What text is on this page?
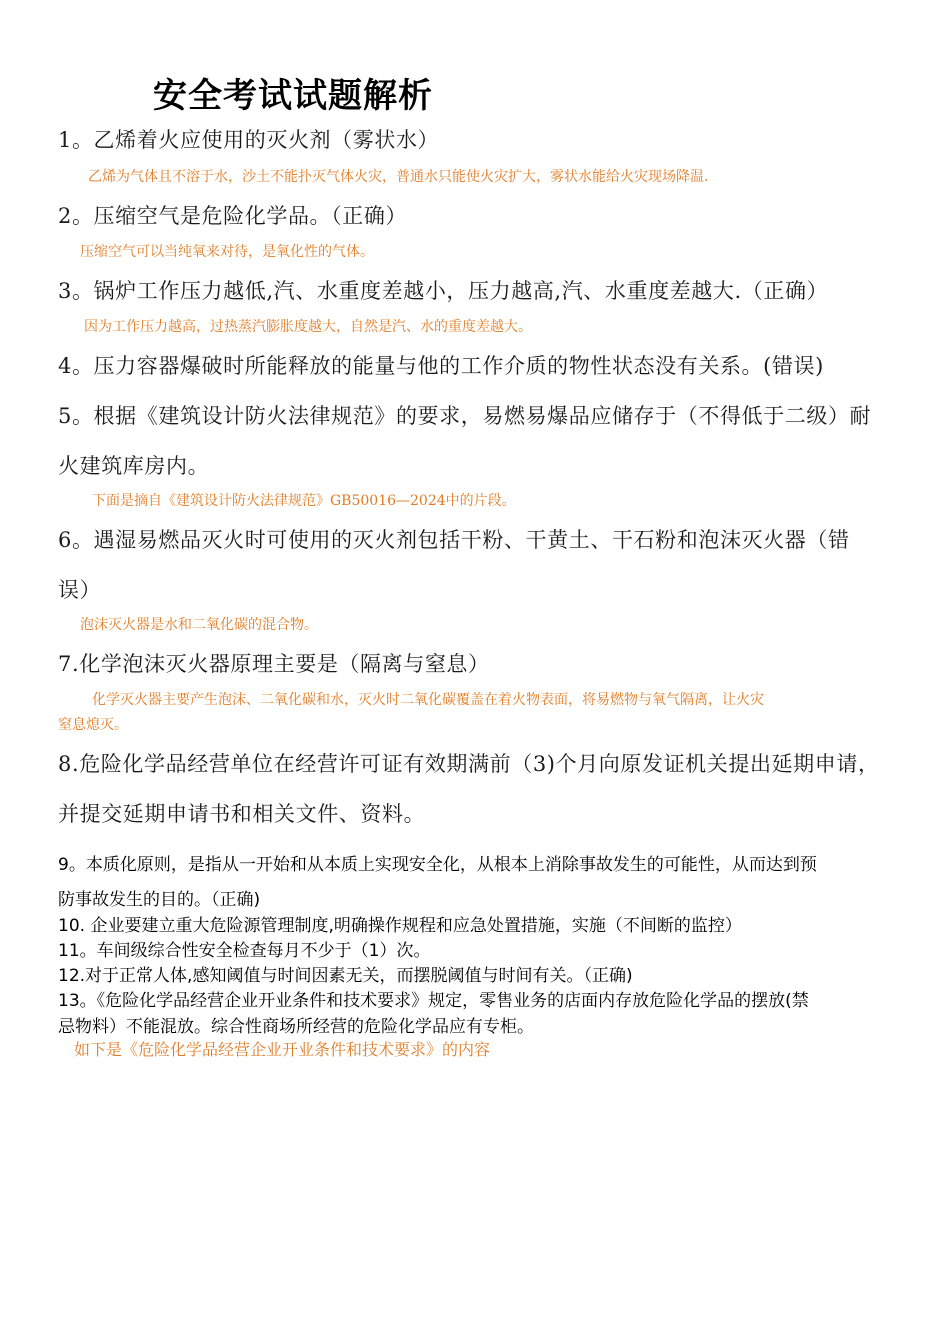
安全考试试题解析
1。乙烯着火应使用的灭火剂（雾状水）
乙烯为气体且不溶于水，沙土不能扑灭气体火灾，普通水只能使火灾扩大，雾状水能给火灾现场降温.
2。压缩空气是危险化学品。（正确）
压缩空气可以当纯氧来对待，是氧化性的气体。
3。锅炉工作压力越低,汽、水重度差越小，压力越高,汽、水重度差越大.（正确）
因为工作压力越高，过热蒸汽膨胀度越大，自然是汽、水的重度差越大。
4。压力容器爆破时所能释放的能量与他的工作介质的物性状态没有关系。(错误)
5。根据《建筑设计防火法律规范》的要求，易燃易爆品应储存于（不得低于二级）耐
火建筑库房内。
下面是摘自《建筑设计防火法律规范》GB50016—2024中的片段。
6。遇湿易燃品灭火时可使用的灭火剂包括干粉、干黄土、干石粉和泡沫灭火器（错
误）
泡沫灭火器是水和二氧化碳的混合物。
7.化学泡沫灭火器原理主要是（隔离与窒息）
化学灭火器主要产生泡沫、二氧化碳和水，灭火时二氧化碳覆盖在着火物表面，将易燃物与氧气隔离，让火灾
窒息熄灭。
8.危险化学品经营单位在经营许可证有效期满前（3)个月向原发证机关提出延期申请，
并提交延期申请书和相关文件、资料。
9。本质化原则，是指从一开始和从本质上实现安全化，从根本上消除事故发生的可能性，从而达到预
防事故发生的目的。（正确)
10. 企业要建立重大危险源管理制度,明确操作规程和应急处置措施，实施（不间断的监控）
11。车间级综合性安全检查每月不少于（1）次。
12.对于正常人体,感知阈值与时间因素无关，而摆脱阈值与时间有关。（正确)
13。《危险化学品经营企业开业条件和技术要求》规定，零售业务的店面内存放危险化学品的摆放(禁
忌物料）不能混放。综合性商场所经营的危险化学品应有专柜。
如下是《危险化学品经营企业开业条件和技术要求》的内容
